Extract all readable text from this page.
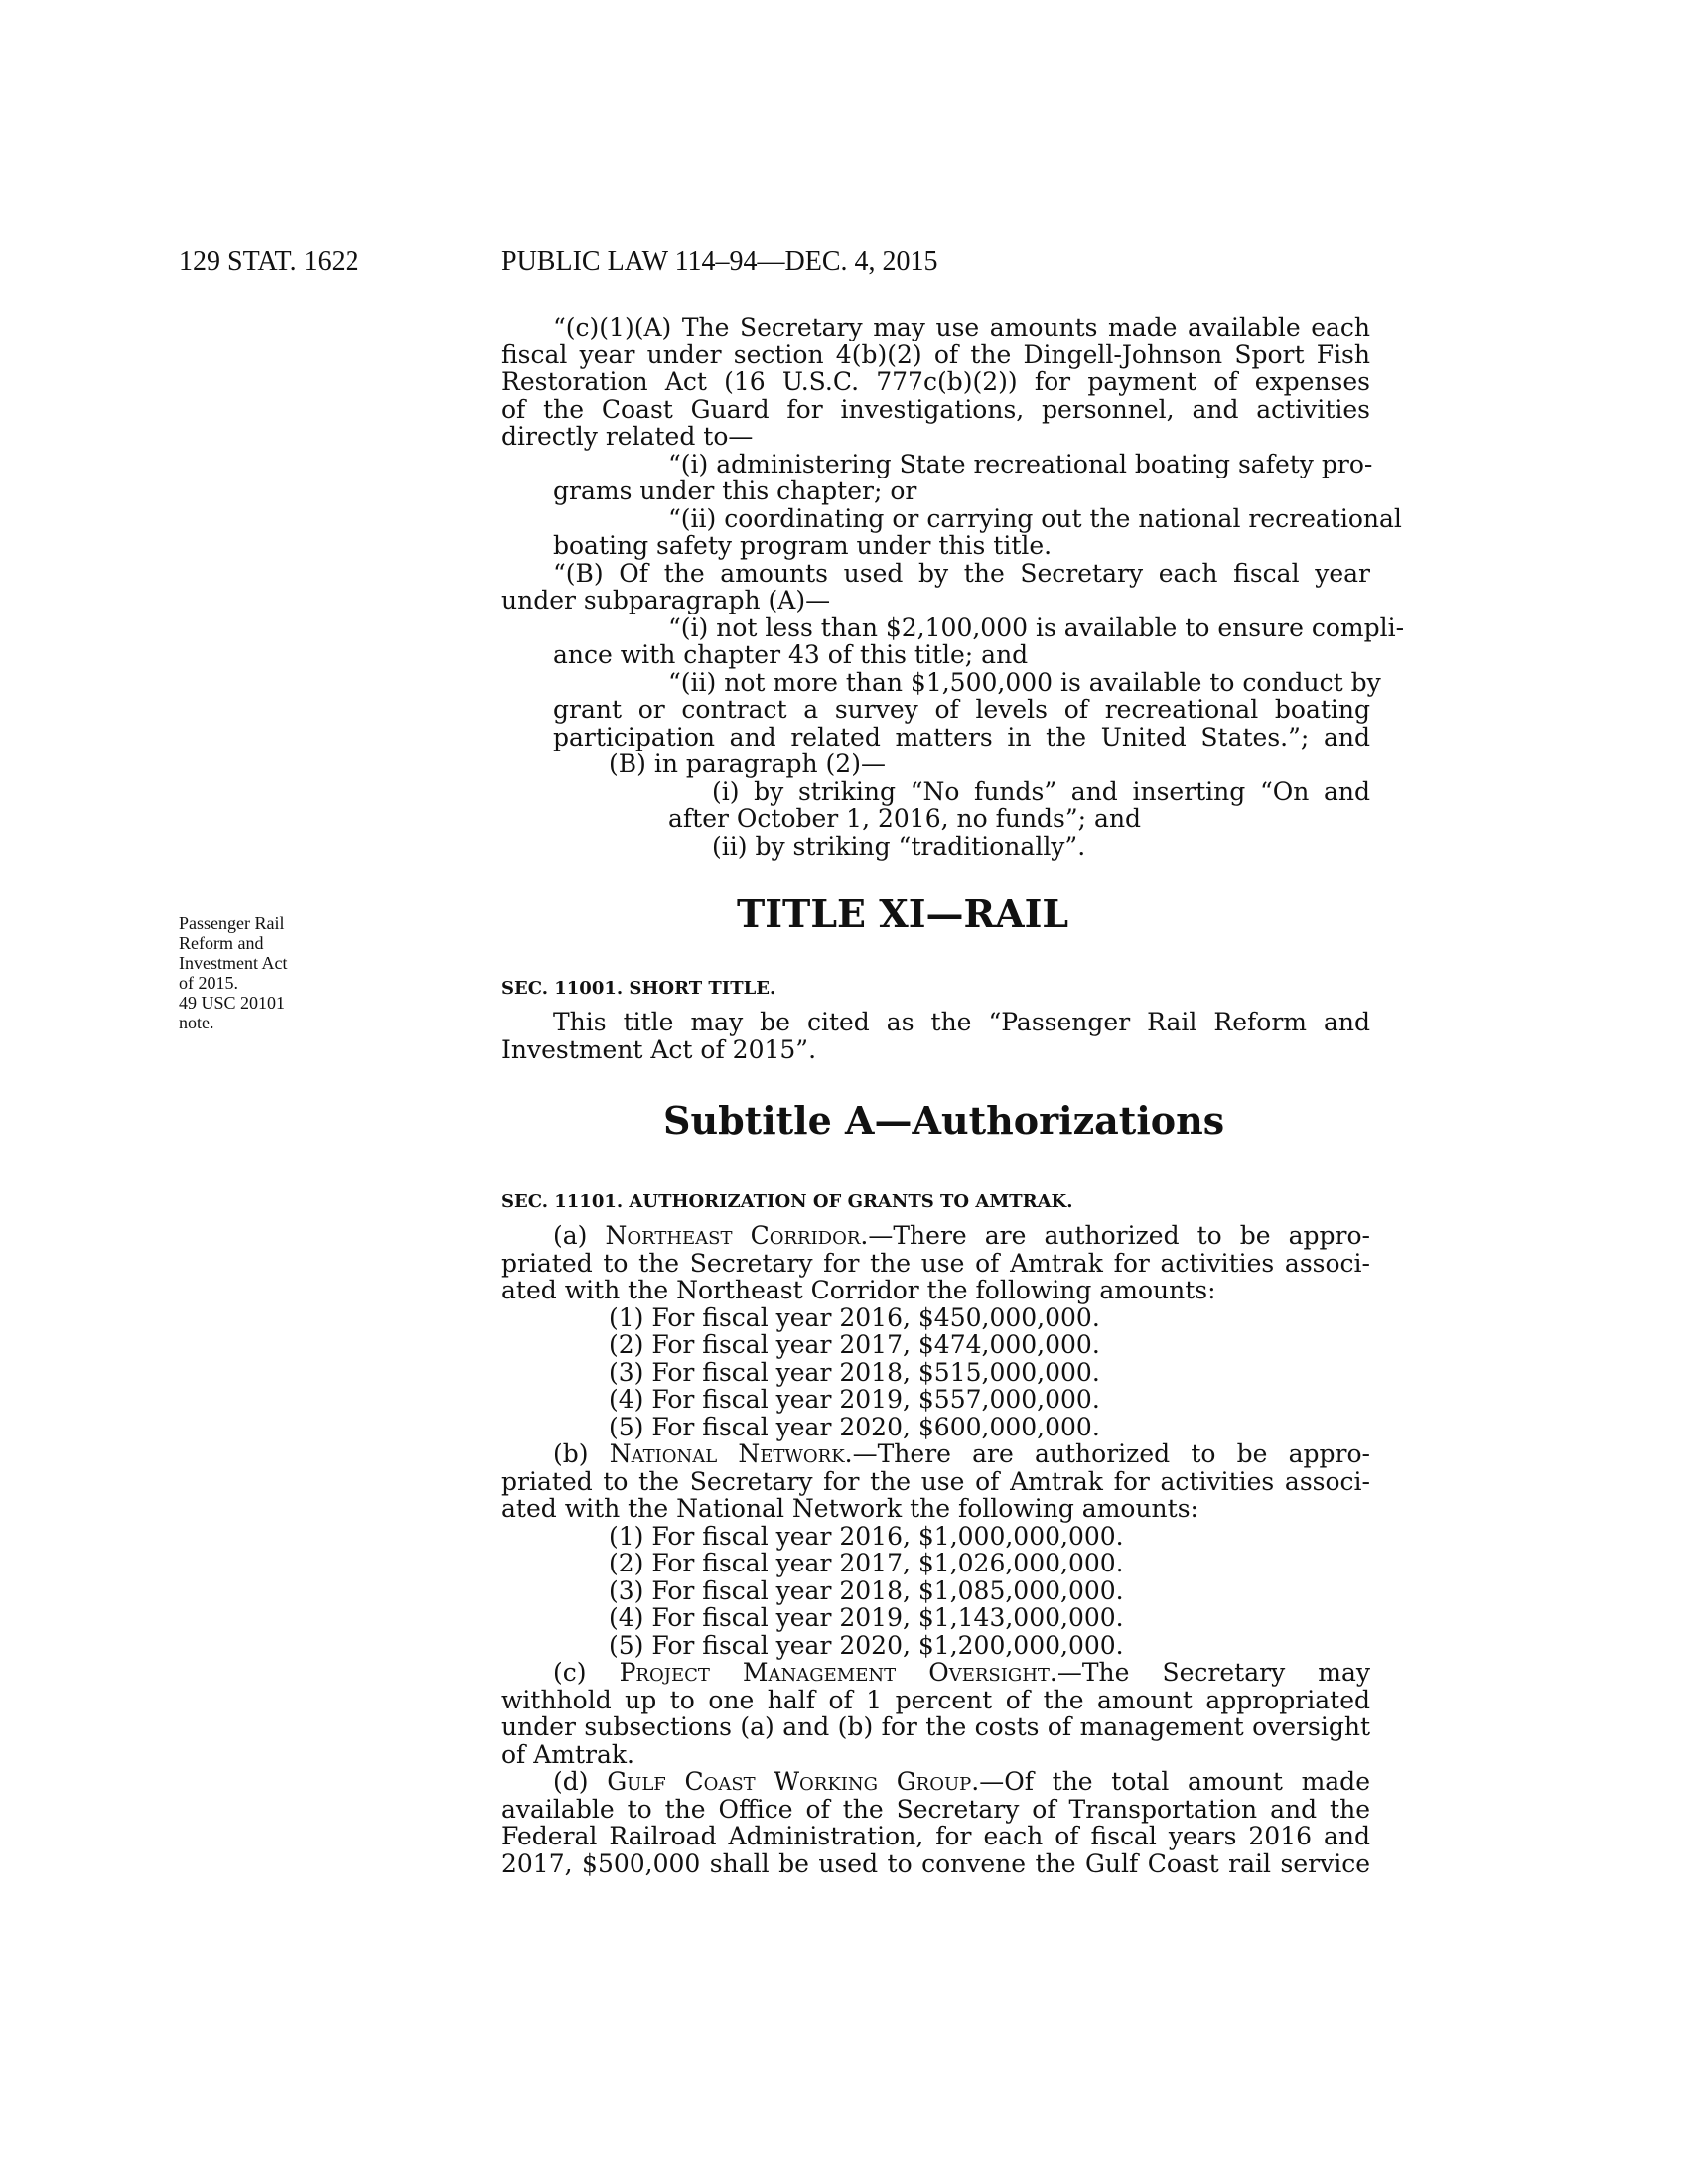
129 STAT. 1622	PUBLIC LAW 114–94—DEC. 4, 2015
“(c)(1)(A) The Secretary may use amounts made available each
fiscal year under section 4(b)(2) of the Dingell-Johnson Sport Fish
Restoration Act (16 U.S.C. 777c(b)(2)) for payment of expenses
of the Coast Guard for investigations, personnel, and activities
directly related to—
“(i) administering State recreational boating safety pro-
grams under this chapter; or
“(ii) coordinating or carrying out the national recreational
boating safety program under this title.
“(B) Of the amounts used by the Secretary each fiscal year
under subparagraph (A)—
“(i) not less than $2,100,000 is available to ensure compli-
ance with chapter 43 of this title; and
“(ii) not more than $1,500,000 is available to conduct by
grant or contract a survey of levels of recreational boating
participation and related matters in the United States.”; and
(B) in paragraph (2)—
(i) by striking “No funds” and inserting “On and
after October 1, 2016, no funds”; and
(ii) by striking “traditionally”.
TITLE XI—RAIL
Passenger Rail
Reform and
Investment Act
of 2015.
49 USC 20101
note.
SEC. 11001. SHORT TITLE.
This title may be cited as the “Passenger Rail Reform and
Investment Act of 2015”.
Subtitle A—Authorizations
SEC. 11101. AUTHORIZATION OF GRANTS TO AMTRAK.
(a) Northeast Corridor.—There are authorized to be appro-
priated to the Secretary for the use of Amtrak for activities associ-
ated with the Northeast Corridor the following amounts:
(1) For fiscal year 2016, $450,000,000.
(2) For fiscal year 2017, $474,000,000.
(3) For fiscal year 2018, $515,000,000.
(4) For fiscal year 2019, $557,000,000.
(5) For fiscal year 2020, $600,000,000.
(b) National Network.—There are authorized to be appro-
priated to the Secretary for the use of Amtrak for activities associ-
ated with the National Network the following amounts:
(1) For fiscal year 2016, $1,000,000,000.
(2) For fiscal year 2017, $1,026,000,000.
(3) For fiscal year 2018, $1,085,000,000.
(4) For fiscal year 2019, $1,143,000,000.
(5) For fiscal year 2020, $1,200,000,000.
(c) Project Management Oversight.—The Secretary may
withhold up to one half of 1 percent of the amount appropriated
under subsections (a) and (b) for the costs of management oversight
of Amtrak.
(d) Gulf Coast Working Group.—Of the total amount made
available to the Office of the Secretary of Transportation and the
Federal Railroad Administration, for each of fiscal years 2016 and
2017, $500,000 shall be used to convene the Gulf Coast rail service
